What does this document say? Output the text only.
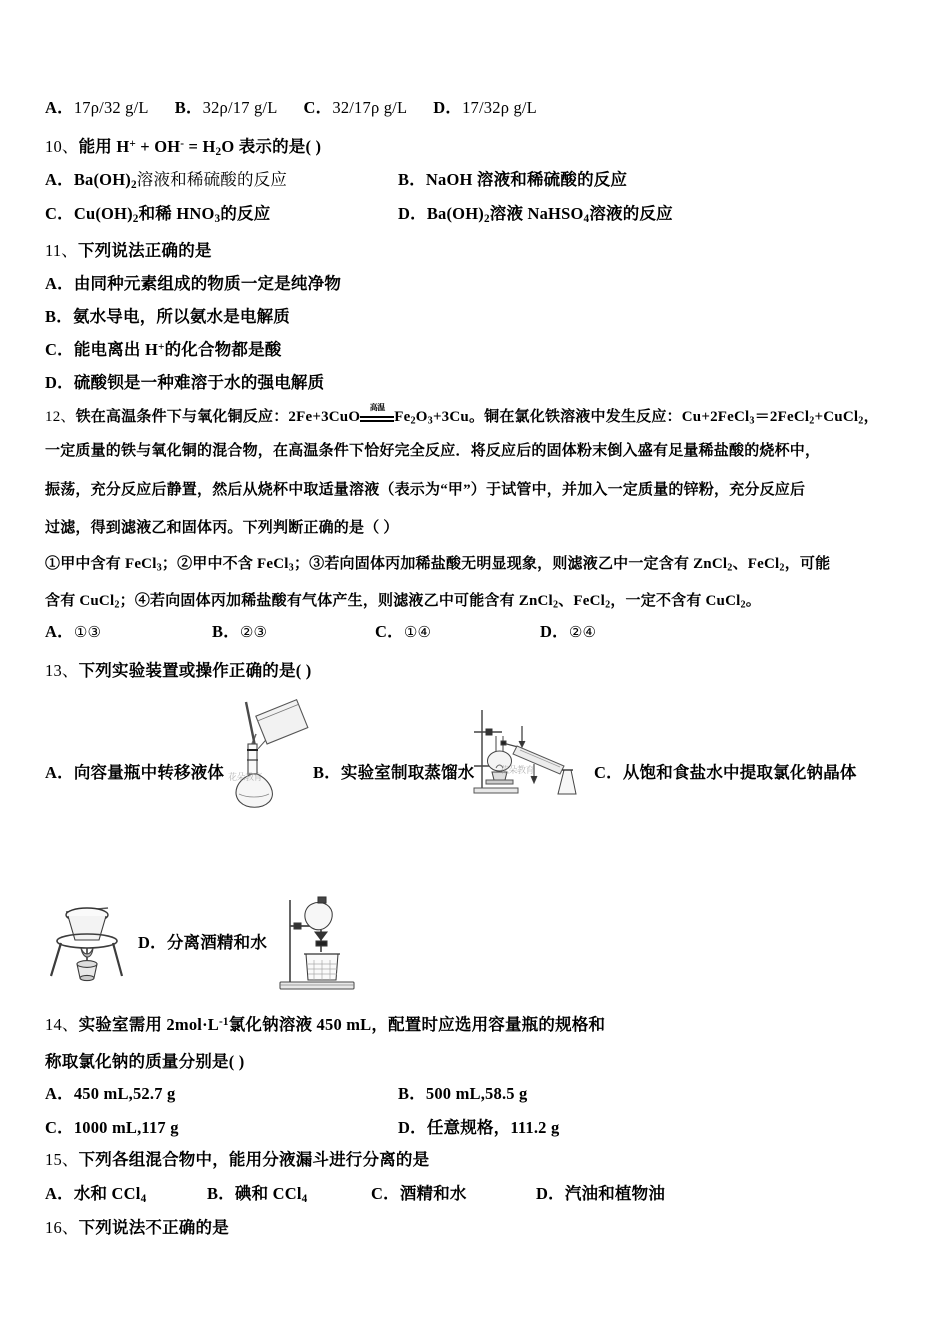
A．17ρ/32 g/L B．32ρ/17 g/L C．32/17ρ g/L D．17/32ρ g/L
10、能用 $H^+ + OH^- = H_2O$ 表示的是( )
A．$Ba(OH)_2$溶液和稀硫酸的反应	B．NaOH 溶液和稀硫酸的反应
C．$Cu(OH)_2$和稀 $HNO_3$的反应	D．$Ba(OH)_2$溶液 NaHSO$_4$溶液的反应
11、下列说法正确的是
A．由同种元素组成的物质一定是纯净物
B．氨水导电，所以氨水是电解质
C．能电离出 H+的化合物都是酸
D．硫酸钡是一种难溶于水的强电解质
12、铁在高温条件下与氧化铜反应：2Fe+3CuO
高温
$Fe_2O_3+3Cu$。铜在氯化铁溶液中发生反应：Cu+2FeCl$_3$＝2FeCl$_2$+CuCl$_2$，
一定质量的铁与氧化铜的混合物，在高温条件下恰好完全反应．将反应后的固体粉末倒入盛有足量稀盐酸的烧杯中，
振荡，充分反应后静置，然后从烧杯中取适量溶液（表示为“甲”）于试管中，并加入一定质量的锌粉，充分反应后
过滤，得到滤液乙和固体丙。下列判断正确的是（ ）
①甲中含有 FeCl$_3$；②甲中不含 FeCl$_3$；③若向固体丙加稀盐酸无明显现象，则滤液乙中一定含有 ZnCl$_2$、FeCl$_2$，可能
含有 CuCl$_2$；④若向固体丙加稀盐酸有气体产生，则滤液乙中可能含有 ZnCl$_2$、FeCl$_2$，一定不含有 CuCl$_2$。
A．①③	B．②③	C．①④	D．②④
13、下列实验装置或操作正确的是( )
A．向容量瓶中转移液体 花朵教育	B．实验室制取蒸馏水	花朵教育	C．从饱和食盐水中提取氯化钠晶体
D．分离酒精和水
14、实验室需用 $2mol\cdot L^{-1}$氯化钠溶液 450 mL，配置时应选用容量瓶的规格和
称取氯化钠的质量分别是( )
A．450 mL,52.7 g	B．500 mL,58.5 g
C．1000 mL,117 g	D．任意规格，111.2 g
15、下列各组混合物中，能用分液漏斗进行分离的是
A．水和 CCl$_4$	B．碘和 CCl$_4$	C．酒精和水	D．汽油和植物油
16、下列说法不正确的是
